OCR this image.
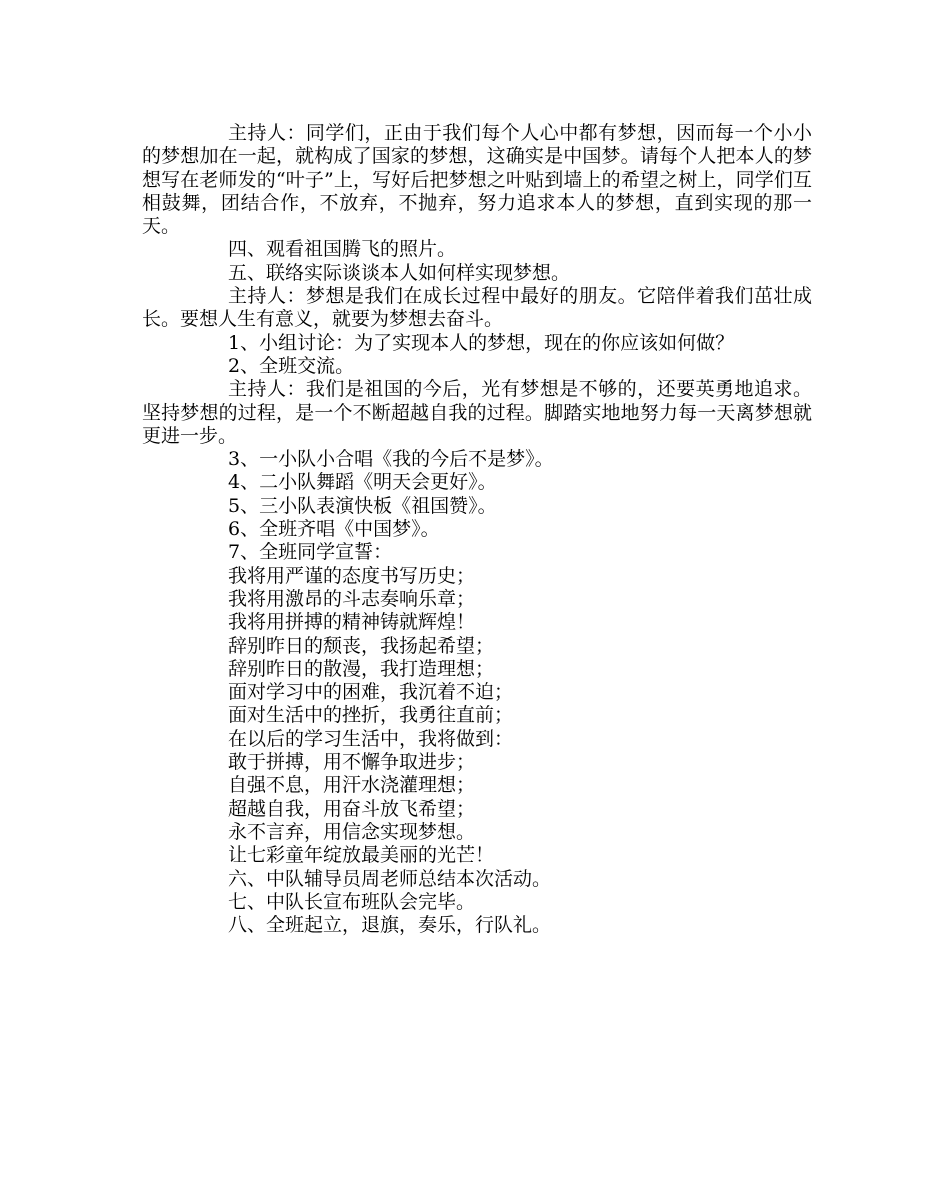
主持人：同学们，正由于我们每个人心中都有梦想，因而每一个小小的梦想加在一起，就构成了国家的梦想，这确实是中国梦。请每个人把本人的梦想写在老师发的“叶子”上，写好后把梦想之叶贴到墙上的希望之树上，同学们互相鼓舞，团结合作，不放弃，不抛弃，努力追求本人的梦想，直到实现的那一天。

四、观看祖国腾飞的照片。

五、联络实际谈谈本人如何样实现梦想。

主持人：梦想是我们在成长过程中最好的朋友。它陪伴着我们茁壮成长。要想人生有意义，就要为梦想去奋斗。

1、小组讨论：为了实现本人的梦想，现在的你应该如何做？

2、全班交流。

主持人：我们是祖国的今后，光有梦想是不够的，还要英勇地追求。坚持梦想的过程，是一个不断超越自我的过程。脚踏实地地努力每一天离梦想就更进一步。

3、一小队小合唱《我的今后不是梦》。

4、二小队舞蹈《明天会更好》。

5、三小队表演快板《祖国赞》。

6、全班齐唱《中国梦》。

7、全班同学宣誓：

我将用严谨的态度书写历史；

我将用激昂的斗志奏响乐章；

我将用拼搏的精神铸就辉煌！

辞别昨日的颓丧，我扬起希望；

辞别昨日的散漫，我打造理想；

面对学习中的困难，我沉着不迫；

面对生活中的挫折，我勇往直前；

在以后的学习生活中，我将做到：

敢于拼搏，用不懈争取进步；

自强不息，用汗水浇灌理想；

超越自我，用奋斗放飞希望；

永不言弃，用信念实现梦想。

让七彩童年绽放最美丽的光芒！

六、中队辅导员周老师总结本次活动。

七、中队长宣布班队会完毕。

八、全班起立，退旗，奏乐，行队礼。
